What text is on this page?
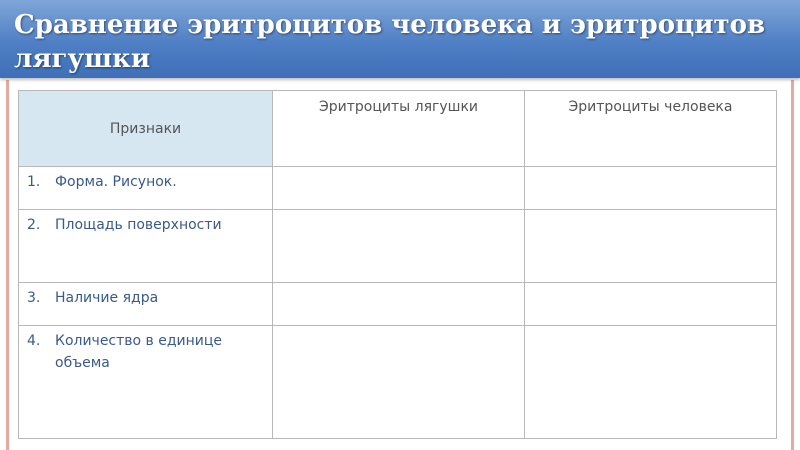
Сравнение эритроцитов человека и эритроцитов лягушки
Признаки	Эритроциты лягушки	Эритроциты человека

1. Форма. Рисунок.		

2. Площадь поверхности		

3. Наличие ядра		

4. Количество в единице объема		
